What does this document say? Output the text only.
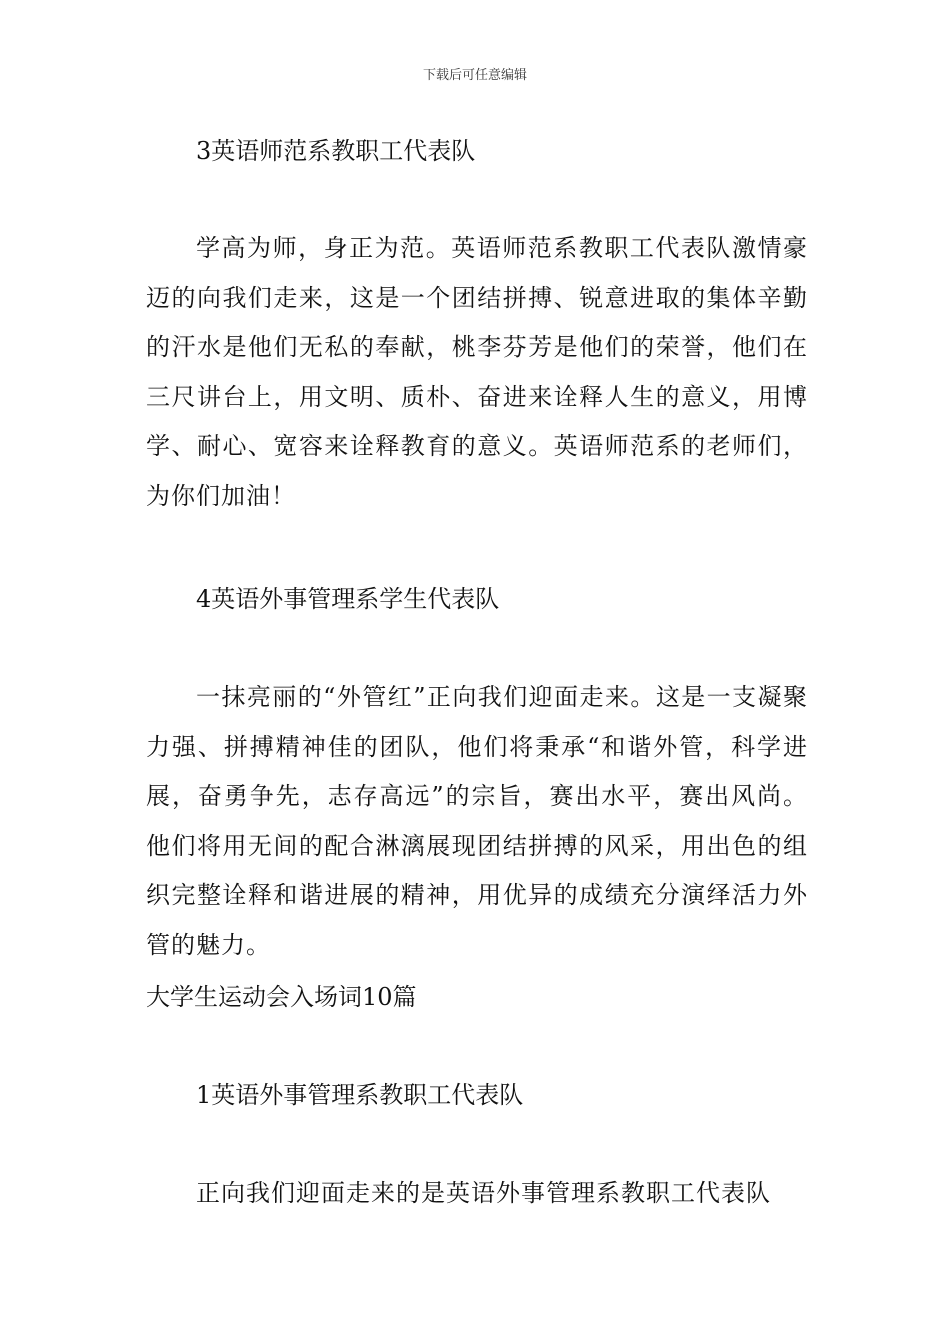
下载后可任意编辑
3英语师范系教职工代表队
学高为师，身正为范。英语师范系教职工代表队激情豪迈的向我们走来，这是一个团结拼搏、锐意进取的集体辛勤的汗水是他们无私的奉献，桃李芬芳是他们的荣誉，他们在三尺讲台上，用文明、质朴、奋进来诠释人生的意义，用博学、耐心、宽容来诠释教育的意义。英语师范系的老师们，为你们加油！
4英语外事管理系学生代表队
一抹亮丽的“外管红”正向我们迎面走来。这是一支凝聚力强、拼搏精神佳的团队，他们将秉承“和谐外管，科学进展，奋勇争先，志存高远”的宗旨，赛出水平，赛出风尚。他们将用无间的配合淋漓展现团结拼搏的风采，用出色的组织完整诠释和谐进展的精神，用优异的成绩充分演绎活力外管的魅力。
大学生运动会入场词10篇
1英语外事管理系教职工代表队
正向我们迎面走来的是英语外事管理系教职工代表队
